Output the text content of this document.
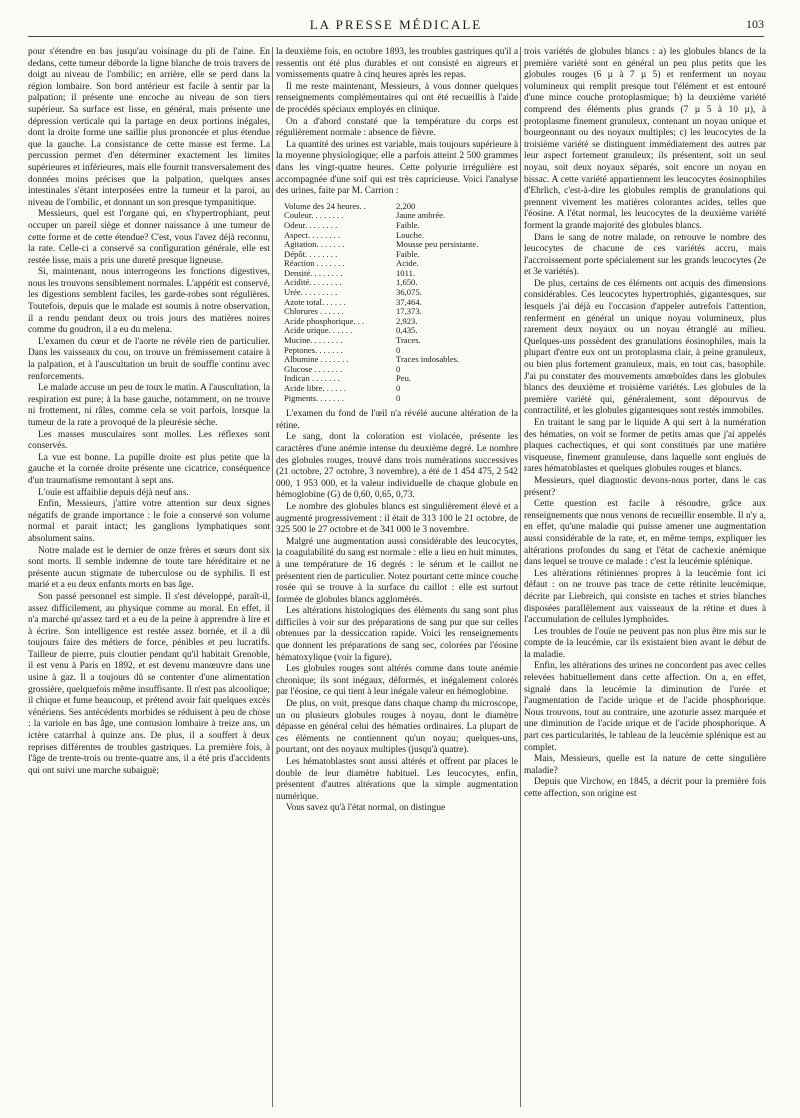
LA PRESSE MÉDICALE	103

pour s'étendre en bas jusqu'au voisinage du pli de l'aine. En dedans, cette tumeur déborde la ligne blanche de trois travers de doigt au niveau de l'ombilic; en arrière, elle se perd dans la région lombaire. Son bord antérieur est facile à sentir par la palpation; il présente une encoche au niveau de son tiers supérieur. Sa surface est lisse, en général, mais présente une dépression verticale qui la partage en deux portions inégales, dont la droite forme une saillie plus prononcée et plus étendue que la gauche. La consistance de cette masse est ferme. La percussion permet d'en déterminer exactement les limites supérieures et inférieures, mais elle fournit transversalement des données moins précises que la palpation, quelques anses intestinales s'étant interposées entre la tumeur et la paroi, au niveau de l'ombilic, et donnant un son presque tympanitique.

Messieurs, quel est l'organe qui, en s'hypertrophiant, peut occuper un pareil siège et donner naissance à une tumeur de cette forme et de cette étendue? C'est, vous l'avez déjà reconnu, la rate. Celle-ci a conservé sa configuration générale, elle est restée lisse, mais a pris une dureté presque ligneuse.

Si, maintenant, nous interrogeons les fonctions digestives, nous les trouvons sensiblement normales. L'appétit est conservé, les digestions semblent faciles, les garde-robes sont régulières. Toutefois, depuis que le malade est soumis à notre observation, il a rendu pendant deux ou trois jours des matières noires comme du goudron, il a eu du melena.

L'examen du cœur et de l'aorte ne révèle rien de particulier. Dans les vaisseaux du cou, on trouve un frémissement cataire à la palpation, et à l'auscultation un bruit de souffle continu avec renforcements.

Le malade accuse un peu de toux le matin. A l'auscultation, la respiration est pure; à la base gauche, notamment, on ne trouve ni frottement, ni râles, comme cela se voit parfois, lorsque la tumeur de la rate a provoqué de la pleurésie sèche.

Les masses musculaires sont molles. Les réflexes sont conservés.

La vue est bonne. La pupille droite est plus petite que la gauche et la cornée droite présente une cicatrice, conséquence d'un traumatisme remontant à sept ans.

L'ouïe est affaiblie depuis déjà neuf ans.

Enfin, Messieurs, j'attire votre attention sur deux signes négatifs de grande importance : le foie a conservé son volume normal et parait intact; les ganglions lymphatiques sont absolument sains.

Notre malade est le dernier de onze frères et sœurs dont six sont morts. Il semble indemne de toute tare héréditaire et ne présente aucun stigmate de tuberculose ou de syphilis. Il est marié et a eu deux enfants morts en bas âge.

Son passé personnel est simple. Il s'est développé, paraît-il, assez difficilement, au physique comme au moral. En effet, il n'a marché qu'assez tard et a eu de la peine à apprendre à lire et à écrire. Son intelligence est restée assez bornée, et il a dû toujours faire des métiers de force, pénibles et peu lucratifs. Tailleur de pierre, puis cloutier pendant qu'il habitait Grenoble, il est venu à Paris en 1892, et est devenu manœuvre dans une usine à gaz. Il a toujours dû se contenter d'une alimentation grossière, quelquefois même insuffisante. Il n'est pas alcoolique; il chique et fume beaucoup, et prétend avoir fait quelques excès vénériens. Ses antécédents morbides se réduisent à peu de chose : la variole en bas âge, une contusion lombaire à treize ans, un ictère catarrhal à quinze ans. De plus, il a souffert à deux reprises différentes de troubles gastriques. La première fois, à l'âge de trente-trois ou trente-quatre ans, il a été pris d'accidents qui ont suivi une marche subaiguë;

la deuxième fois, en octobre 1893, les troubles gastriques qu'il a ressentis ont été plus durables et ont consisté en aigreurs et vomissements quatre à cinq heures après les repas.

Il me reste maintenant, Messieurs, à vous donner quelques renseignements complémentaires qui ont été recueillis à l'aide de procédés spéciaux employés en clinique.

On a d'abord constaté que la température du corps est régulièrement normale : absence de fièvre.

La quantité des urines est variable, mais toujours supérieure à la moyenne physiologique; elle a parfois atteint 2 500 grammes dans les vingt-quatre heures. Cette polyurie irrégulière est accompagnée d'une soif qui est très capricieuse. Voici l'analyse des urines, faite par M. Carrion :

Volume des 24 heures. .	2,200
Couleur. . . . . . . .	Jaune ambrée.
Odeur. . . . . . . .	Faible.
Aspect. . . . . . . .	Louche.
Agitation. . . . . . .	Mousse peu persistante.
Dépôt. . . . . . . .	Faible.
Réaction . . . . . . .	Acide.
Densité. . . . . . . .	1011.
Acidité. . . . . . . .	1,650.
Urée. . . . . . . . .	36,075.
Azote total. . . . . .	37,464.
Chlorures . . . . . .	17,373.
Acide phosphorique. . .	2,923.
Acide urique. . . . . .	0,435.
Mucine. . . . . . . .	Traces.
Peptones. . . . . . .	0
Albumine . . . . . . .	Traces indosables.
Glucose . . . . . . .	0
Indican . . . . . . .	Peu.
Acide libre. . . . . .	0
Pigments. . . . . . .	0

L'examen du fond de l'œil n'a révélé aucune altération de la rétine.

Le sang, dont la coloration est violacée, présente les caractères d'une anémie intense du deuxième degré. Le nombre des globules rouges, trouvé dans trois numérations successives (21 octobre, 27 octobre, 3 novembre), a été de 1 454 475, 2 542 000, 1 953 000, et la valeur individuelle de chaque globule en hémoglobine (G) de 0,60, 0,65, 0,73.

Le nombre des globules blancs est singulièrement élevé et a augmenté progressivement : il était de 313 100 le 21 octobre, de 325 500 le 27 octobre et de 341 000 le 3 novembre.

Malgré une augmentation aussi considérable des leucocytes, la coagulabilité du sang est normale : elle a lieu en huit minutes, à une température de 16 degrés : le sérum et le caillot ne présentent rien de particulier. Notez pourtant cette mince couche rosée qui se trouve à la surface du caillot : elle est surtout formée de globules blancs agglomérés.

Les altérations histologiques des éléments du sang sont plus difficiles à voir sur des préparations de sang pur que sur celles obtenues par la dessiccation rapide. Voici les renseignements que donnent les préparations de sang sec, colorées par l'éosine hématoxylique (voir la figure).

Les globules rouges sont altérés comme dans toute anémie chronique; ils sont inégaux, déformés, et inégalement colorés par l'éosine, ce qui tient à leur inégale valeur en hémoglobine.

De plus, on voit, presque dans chaque champ du microscope, un ou plusieurs globules rouges à noyau, dont le diamètre dépasse en général celui des hématies ordinaires. La plupart de ces éléments ne contiennent qu'un noyau; quelques-uns, pourtant, ont des noyaux multiples (jusqu'à quatre).

Les hématoblastes sont aussi altérés et offrent par places le double de leur diamètre habituel. Les leucocytes, enfin, présentent d'autres altérations que la simple augmentation numérique.

Vous savez qu'à l'état normal, on distingue

trois variétés de globules blancs : a) les globules blancs de la première variété sont en général un peu plus petits que les globules rouges (6 µ à 7 µ 5) et renferment un noyau volumineux qui remplit presque tout l'élément et est entouré d'une mince couche protoplasmique; b) la deuxième variété comprend des éléments plus grands (7 µ 5 à 10 µ), à protoplasme finement granuleux, contenant un noyau unique et bourgeonnant ou des noyaux multiples; c) les leucocytes de la troisième variété se distinguent immédiatement des autres par leur aspect fortement granuleux; ils présentent, soit un seul noyau, soit deux noyaux séparés, soit encore un noyau en bissac. A cette variété appartiennent les leucocytes éosinophiles d'Ehrlich, c'est-à-dire les globules remplis de granulations qui prennent vivement les matières colorantes acides, telles que l'éosine. A l'état normal, les leucocytes de la deuxième variété forment la grande majorité des globules blancs.

Dans le sang de notre malade, on retrouve le nombre des leucocytes de chacune de ces variétés accru, mais l'accroissement porte spécialement sur les grands leucocytes (2e et 3e variétés).

De plus, certains de ces éléments ont acquis des dimensions considérables. Ces leucocytes hypertrophiés, gigantesques, sur lesquels j'ai déjà eu l'occasion d'appeler autrefois l'attention, renferment en général un unique noyau volumineux, plus rarement deux noyaux ou un noyau étranglé au milieu. Quelques-uns possèdent des granulations éosinophiles, mais la plupart d'entre eux ont un protoplasma clair, à peine granuleux, ou bien plus fortement granuleux, mais, en tout cas, basophile. J'ai pu constater des mouvements amœboïdes dans les globules blancs des deuxième et troisième variétés. Les globules de la première variété qui, généralement, sont dépourvus de contractilité, et les globules gigantesques sont restés immobiles.

En traitant le sang par le liquide A qui sert à la numération des hématies, on voit se former de petits amas que j'ai appelés plaques cachectiques, et qui sont constitués par une matière visqueuse, finement granuleuse, dans laquelle sont englués de rares hématoblastes et quelques globules rouges et blancs.

Messieurs, quel diagnostic devons-nous porter, dans le cas présent?

Cette question est facile à résoudre, grâce aux renseignements que nous venons de recueillir ensemble. Il n'y a, en effet, qu'une maladie qui puisse amener une augmentation aussi considérable de la rate, et, en même temps, expliquer les altérations profondes du sang et l'état de cachexie anémique dans lequel se trouve ce malade : c'est la leucémie splénique.

Les altérations rétiniennes propres à la leucémie font ici défaut : on ne trouve pas trace de cette rétinite leucémique, décrite par Liebreich, qui consiste en taches et stries blanches disposées parallèlement aux vaisseaux de la rétine et dues à l'accumulation de cellules lymphoïdes.

Les troubles de l'ouïe ne peuvent pas non plus être mis sur le compte de la leucémie, car ils existaient bien avant le début de la maladie.

Enfin, les altérations des urines ne concordent pas avec celles relevées habituellement dans cette affection. On a, en effet, signalé dans la leucémie la diminution de l'urée et l'augmentation de l'acide urique et de l'acide phosphorique. Nous trouvons, tout au contraire, une azoturie assez marquée et une diminution de l'acide urique et de l'acide phosphorique. A part ces particularités, le tableau de la leucémie splénique est au complet.

Mais, Messieurs, quelle est la nature de cette singulière maladie?

Depuis que Virchow, en 1845, a décrit pour la première fois cette affection, son origine est
